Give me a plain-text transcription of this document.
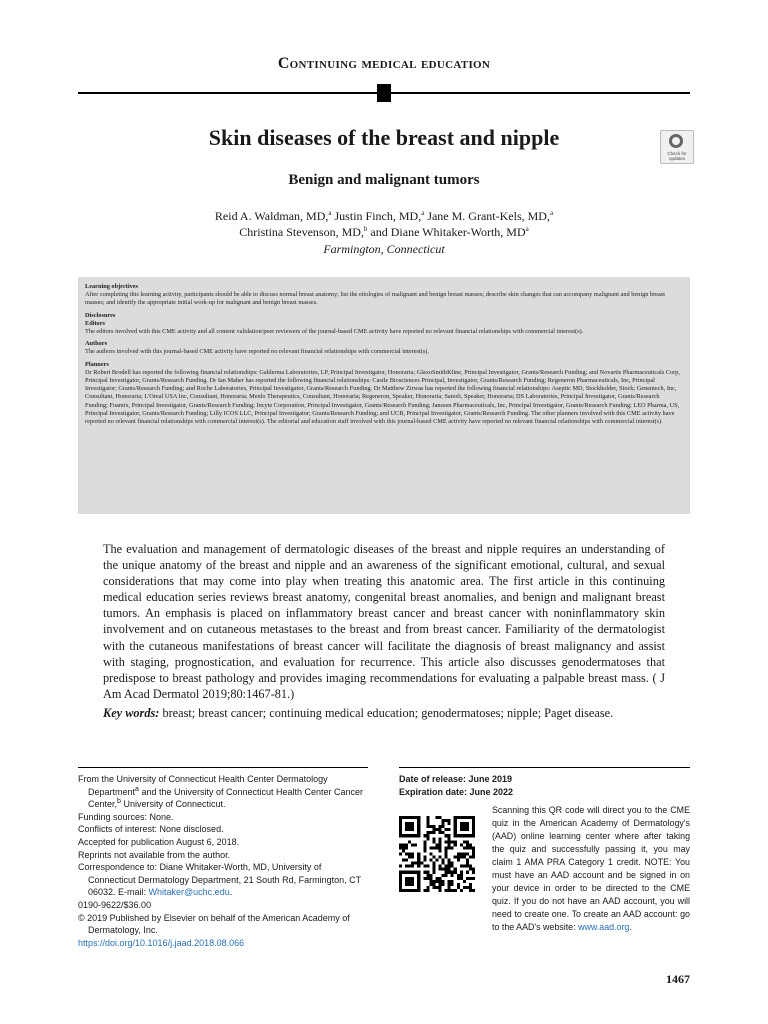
Continuing medical education
Skin diseases of the breast and nipple
Check for updates
Benign and malignant tumors
Reid A. Waldman, MD,$^a$ Justin Finch, MD,$^a$ Jane M. Grant-Kels, MD,$^a$
Christina Stevenson, MD,$^b$ and Diane Whitaker-Worth, $MD^a$
Farmington, Connecticut

Learning objectives

After completing this learning activity, participants should be able to discuss normal breast anatomy; list the etiologies of malignant and benign breast masses; describe skin changes that can accompany malignant and benign breast masses; and identify the appropriate initial work-up for malignant and benign breast masses.

Disclosures

Editors

The editors involved with this CME activity and all content validation/peer reviewers of the journal-based CME activity have reported no relevant financial relationships with commercial interest(s).

Authors

The authors involved with this journal-based CME activity have reported no relevant financial relationships with commercial interest(s).

Planners

Dr Robert Brodell has reported the following financial relationships: Galderma Laboratories, LP, Principal Investigator, Honoraria; GlaxoSmithKline, Principal Investigator, Grants/Research Funding; and Novartis Pharmaceuticals Corp, Principal Investigator, Grants/Research Funding. Dr Ian Maher has reported the following financial relationships: Castle Biosciences Principal, Investigator, Grants/Research Funding; Regeneron Pharmaceuticals, Inc, Principal Investigator; Grants/Research Funding; and Roche Laboratories, Principal Investigator, Grants/Research Funding. Dr Matthew Zirwas has reported the following financial relationships: Aseptic MD, Stockholder, Stock; Genentech, Inc, Consultant, Honoraria; L'Oreal USA Inc, Consultant, Honoraria; Menlo Therapeutics, Consultant, Honoraria; Regeneron, Speaker, Honoraria; Sanofi, Speaker, Honoraria; DS Laboratories, Principal Investigator, Grants/Research Funding; Foamix, Principal Investigator, Grants/Research Funding; Incyte Corporation, Principal Investigator, Grants/Research Funding; Janssen Pharmaceuticals, Inc, Principal Investigator, Grants/Research Funding; LEO Pharma, US, Principal Investigator, Grants/Research Funding; Lilly ICOS LLC, Principal Investigator; Grants/Research Funding; and UCB, Principal Investigator, Grants/Research Funding. The other planners involved with this CME activity have reported no relevant financial relationships with commercial interest(s). The editorial and education staff involved with this journal-based CME activity have reported no relevant financial relationships with commercial interest(s).

The evaluation and management of dermatologic diseases of the breast and nipple requires an understanding of the unique anatomy of the breast and nipple and an awareness of the significant emotional, cultural, and sexual considerations that may come into play when treating this anatomic area. The first article in this continuing medical education series reviews breast anatomy, congenital breast anomalies, and benign and malignant breast tumors. An emphasis is placed on inflammatory breast cancer and breast cancer with noninflammatory skin involvement and on cutaneous metastases to the breast and from breast cancer. Familiarity of the dermatologist with the cutaneous manifestations of breast cancer will facilitate the diagnosis of breast malignancy and assist with staging, prognostication, and evaluation for recurrence. This article also discusses genodermatoses that predispose to breast pathology and provides imaging recommendations for evaluating a palpable breast mass. ( J Am Acad Dermatol 2019;80:1467-81.)
Key words: breast; breast cancer; continuing medical education; genodermatoses; nipple; Paget disease.

From the University of Connecticut Health Center Dermatology Department$^a$ and the University of Connecticut Health Center Cancer Center,$^b$ University of Connecticut.

Funding sources: None.

Conflicts of interest: None disclosed.

Accepted for publication August 6, 2018.

Reprints not available from the author.

Correspondence to: Diane Whitaker-Worth, MD, University of Connecticut Dermatology Department, 21 South Rd, Farmington, CT 06032. E-mail: Whitaker@uchc.edu.

0190-9622/$36.00

© 2019 Published by Elsevier on behalf of the American Academy of Dermatology, Inc.

https://doi.org/10.1016/j.jaad.2018.08.066

Date of release: June 2019
Expiration date: June 2022
Scanning this QR code will direct you to the CME quiz in the American Academy of Dermatology's (AAD) online learning center where after taking the quiz and successfully passing it, you may claim 1 AMA PRA Category 1 credit. NOTE: You must have an AAD account and be signed in on your device in order to be directed to the CME quiz. If you do not have an AAD account, you will need to create one. To create an AAD account: go to the AAD's website: www.aad.org.
1467
